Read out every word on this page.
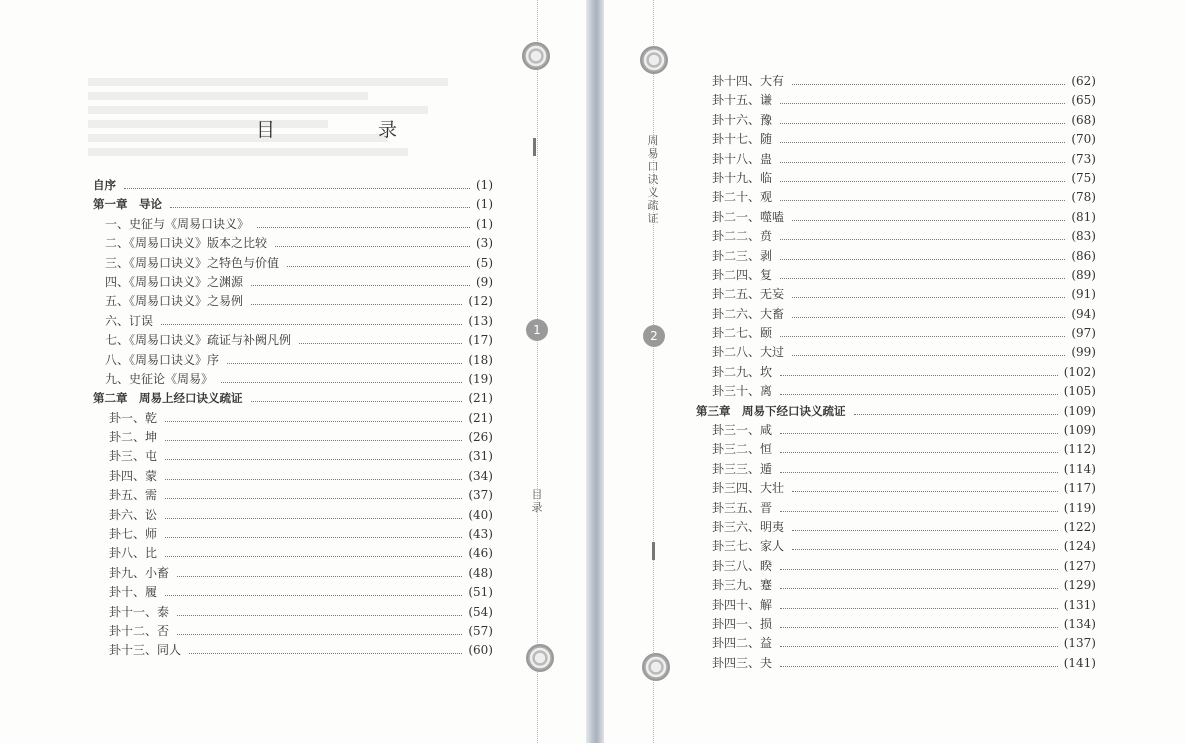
目　录
自序	(1)
第一章　导论	(1)
一、史征与《周易口诀义》	(1)
二、《周易口诀义》版本之比较	(3)
三、《周易口诀义》之特色与价值	(5)
四、《周易口诀义》之渊源	(9)
五、《周易口诀义》之易例	(12)
六、订误	(13)
七、《周易口诀义》疏证与补阙凡例	(17)
八、《周易口诀义》序	(18)
九、史征论《周易》	(19)
第二章　周易上经口诀义疏证	(21)
卦一、乾	(21)
卦二、坤	(26)
卦三、屯	(31)
卦四、蒙	(34)
卦五、需	(37)
卦六、讼	(40)
卦七、师	(43)
卦八、比	(46)
卦九、小畜	(48)
卦十、履	(51)
卦十一、泰	(54)
卦十二、否	(57)
卦十三、同人	(60)
1
目录
周易口诀义疏证
2
卦十四、大有	(62)
卦十五、谦	(65)
卦十六、豫	(68)
卦十七、随	(70)
卦十八、蛊	(73)
卦十九、临	(75)
卦二十、观	(78)
卦二一、噬嗑	(81)
卦二二、贲	(83)
卦二三、剥	(86)
卦二四、复	(89)
卦二五、无妄	(91)
卦二六、大畜	(94)
卦二七、颐	(97)
卦二八、大过	(99)
卦二九、坎	(102)
卦三十、离	(105)
第三章　周易下经口诀义疏证	(109)
卦三一、咸	(109)
卦三二、恒	(112)
卦三三、遁	(114)
卦三四、大壮	(117)
卦三五、晋	(119)
卦三六、明夷	(122)
卦三七、家人	(124)
卦三八、睽	(127)
卦三九、蹇	(129)
卦四十、解	(131)
卦四一、损	(134)
卦四二、益	(137)
卦四三、夬	(141)
